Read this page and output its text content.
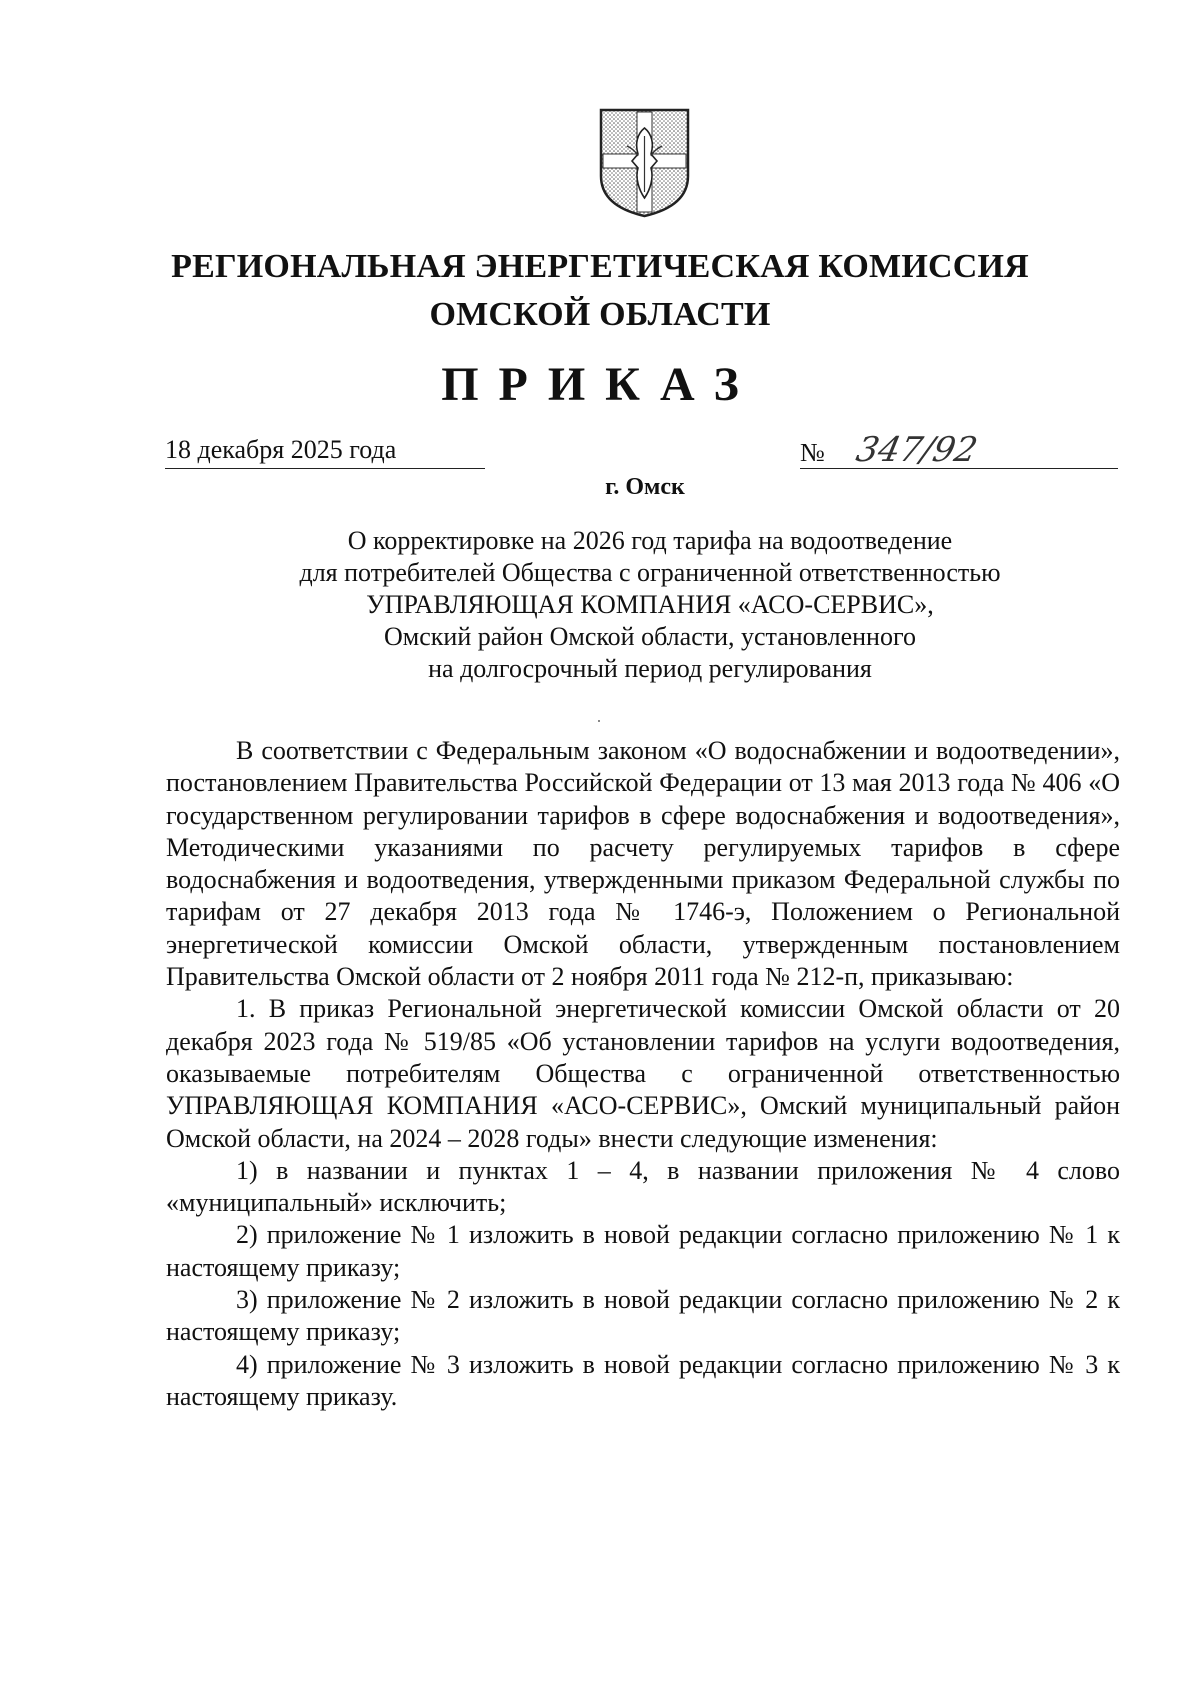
РЕГИОНАЛЬНАЯ ЭНЕРГЕТИЧЕСКАЯ КОМИССИЯ
ОМСКОЙ ОБЛАСТИ
ПРИКАЗ
18 декабря 2025 года	№ 347/92
г. Омск
О корректировке на 2026 год тарифа на водоотведение
для потребителей Общества с ограниченной ответственностью
УПРАВЛЯЮЩАЯ КОМПАНИЯ «АСО-СЕРВИС»,
Омский район Омской области, установленного
на долгосрочный период регулирования

В соответствии с Федеральным законом «О водоснабжении и водоотведении», постановлением Правительства Российской Федерации от 13 мая 2013 года № 406 «О государственном регулировании тарифов в сфере водоснабжения и водоотведения», Методическими указаниями по расчету регулируемых тарифов в сфере водоснабжения и водоотведения, утвержденными приказом Федеральной службы по тарифам от 27 декабря 2013 года № 1746-э, Положением о Региональной энергетической комиссии Омской области, утвержденным постановлением Правительства Омской области от 2 ноября 2011 года № 212-п, приказываю:

1. В приказ Региональной энергетической комиссии Омской области от 20 декабря 2023 года № 519/85 «Об установлении тарифов на услуги водоотведения, оказываемые потребителям Общества с ограниченной ответственностью УПРАВЛЯЮЩАЯ КОМПАНИЯ «АСО-СЕРВИС», Омский муниципальный район Омской области, на 2024 – 2028 годы» внести следующие изменения:

1) в названии и пунктах 1 – 4, в названии приложения № 4 слово «муниципальный» исключить;

2) приложение № 1 изложить в новой редакции согласно приложению № 1 к настоящему приказу;

3) приложение № 2 изложить в новой редакции согласно приложению № 2 к настоящему приказу;

4) приложение № 3 изложить в новой редакции согласно приложению № 3 к настоящему приказу.
